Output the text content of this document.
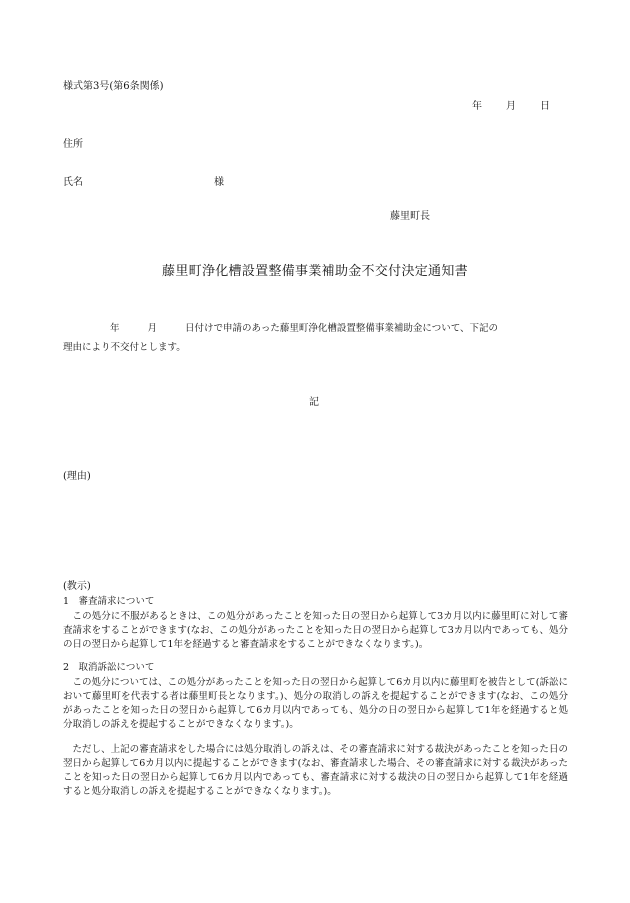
様式第3号(第6条関係)
年 月 日
住所
氏名	様
藤里町長
藤里町浄化槽設置整備事業補助金不交付決定通知書
年	月	日付けで申請のあった藤里町浄化槽設置整備事業補助金について、下記の
理由により不交付とします。
記
(理由)
(教示)
1　審査請求について
この処分に不服があるときは、この処分があったことを知った日の翌日から起算して3カ月以内に藤里町に対して審査請求をすることができます(なお、この処分があったことを知った日の翌日から起算して3カ月以内であっても、処分の日の翌日から起算して1年を経過すると審査請求をすることができなくなります。)。
2　取消訴訟について
この処分については、この処分があったことを知った日の翌日から起算して6カ月以内に藤里町を被告として(訴訟において藤里町を代表する者は藤里町長となります。)、処分の取消しの訴えを提起することができます(なお、この処分があったことを知った日の翌日から起算して6カ月以内であっても、処分の日の翌日から起算して1年を経過すると処分取消しの訴えを提起することができなくなります。)。
ただし、上記の審査請求をした場合には処分取消しの訴えは、その審査請求に対する裁決があったことを知った日の翌日から起算して6カ月以内に提起することができます(なお、審査請求した場合、その審査請求に対する裁決があったことを知った日の翌日から起算して6カ月以内であっても、審査請求に対する裁決の日の翌日から起算して1年を経過すると処分取消しの訴えを提起することができなくなります。)。
